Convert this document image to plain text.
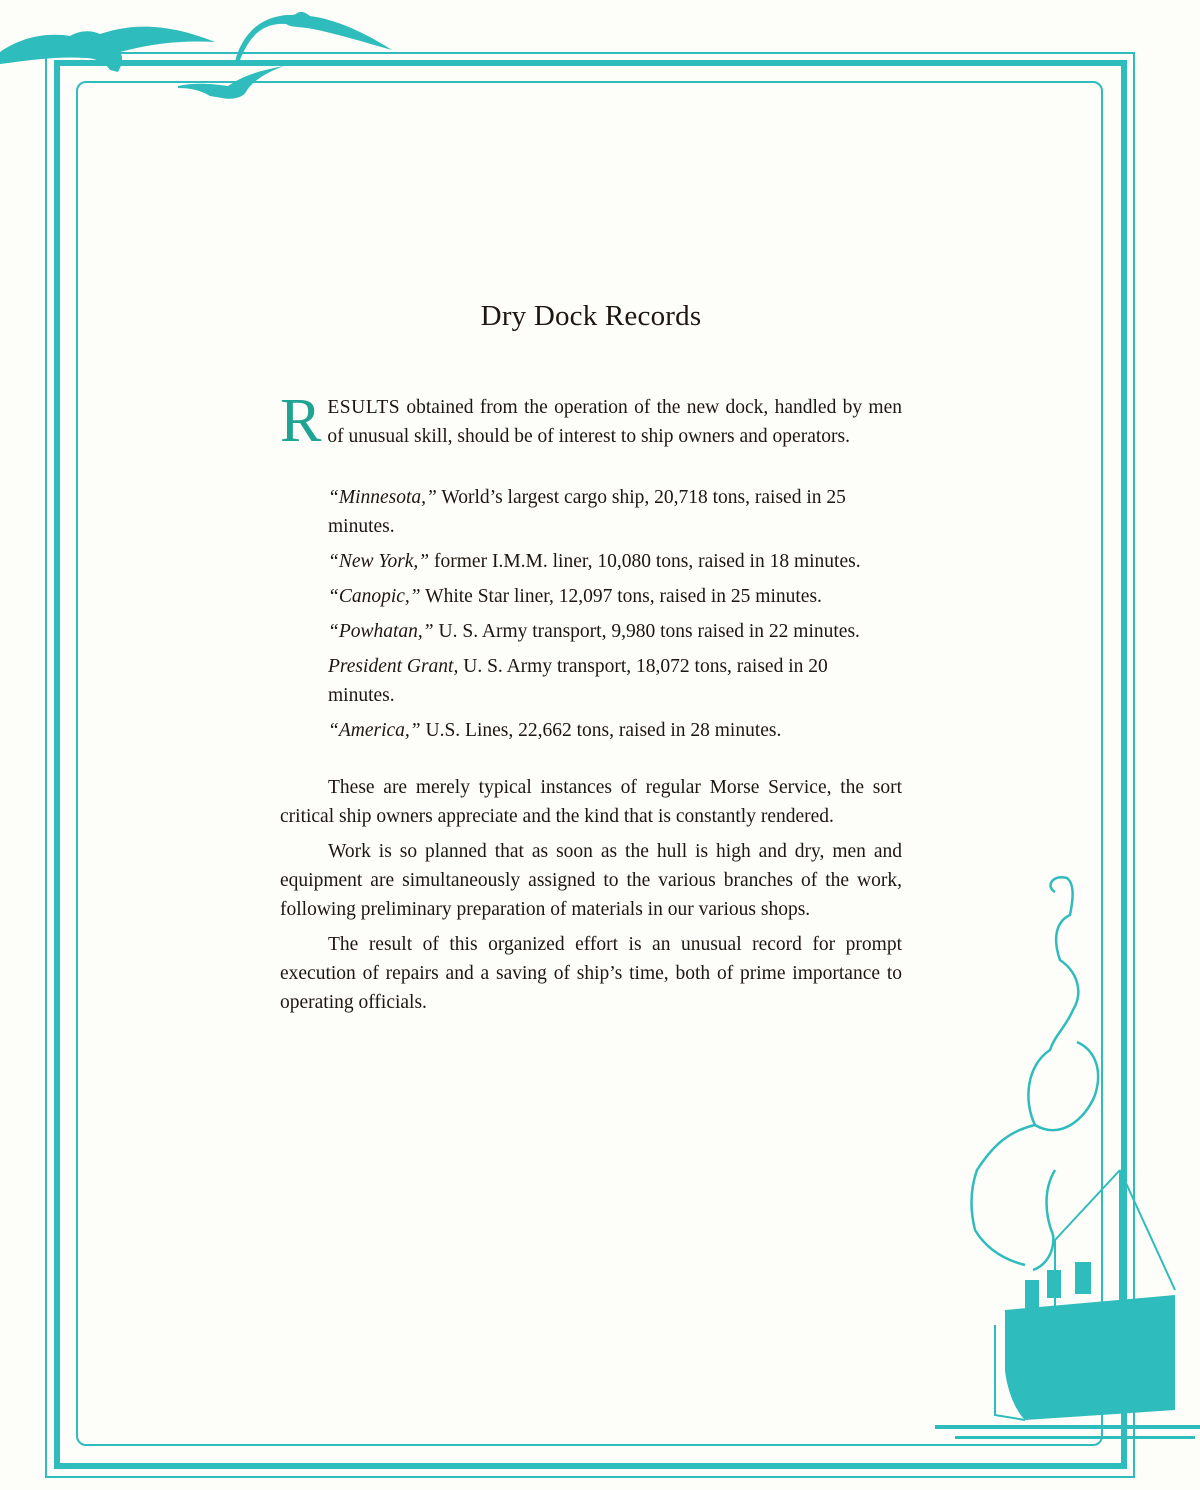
Dry Dock Records

RESULTS obtained from the operation of the new dock, handled by men of unusual skill, should be of interest to ship owners and operators.

“Minnesota,” World’s largest cargo ship, 20,718 tons, raised in 25 minutes.
“New York,” former I.M.M. liner, 10,080 tons, raised in 18 minutes.
“Canopic,” White Star liner, 12,097 tons, raised in 25 minutes.
“Powhatan,” U. S. Army transport, 9,980 tons raised in 22 minutes.
President Grant, U. S. Army transport, 18,072 tons, raised in 20 minutes.
“America,” U.S. Lines, 22,662 tons, raised in 28 minutes.

These are merely typical instances of regular Morse Service, the sort critical ship owners appreciate and the kind that is constantly rendered.

Work is so planned that as soon as the hull is high and dry, men and equipment are simultaneously assigned to the various branches of the work, following preliminary preparation of materials in our various shops.

The result of this organized effort is an unusual record for prompt execution of repairs and a saving of ship’s time, both of prime importance to operating officials.
